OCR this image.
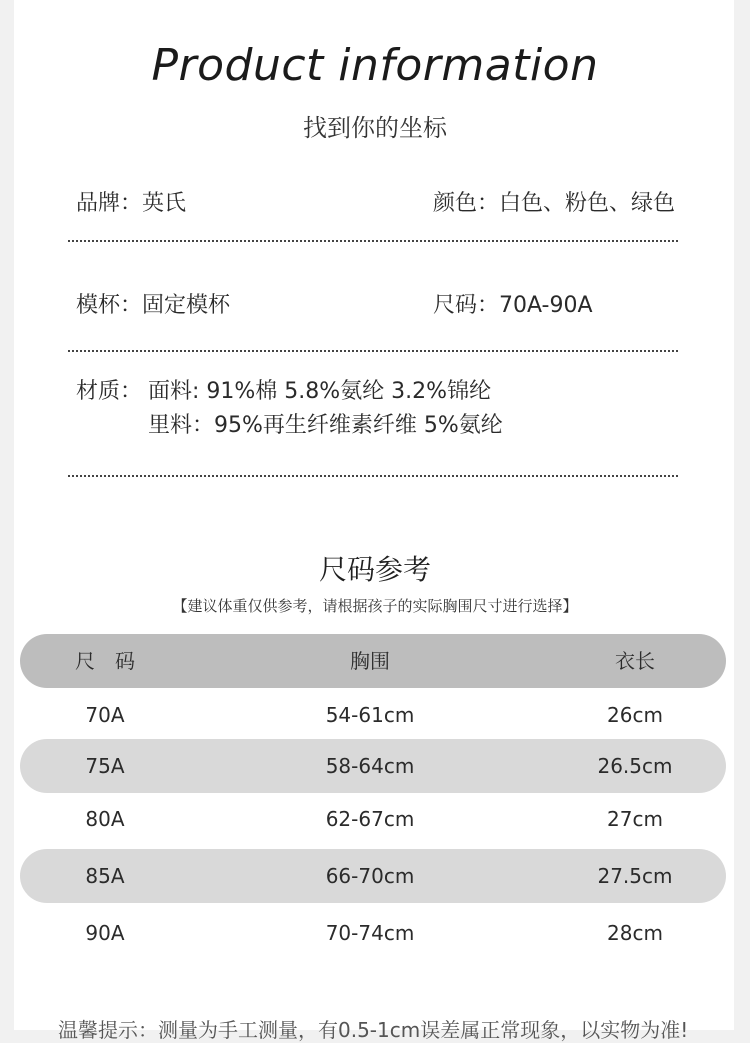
Product information
找到你的坐标
品牌：英氏	颜色：白色、粉色、绿色
模杯：固定模杯	尺码：70A-90A
材质： 面料: 91%棉 5.8%氨纶 3.2%锦纶
里料：95%再生纤维素纤维 5%氨纶
尺码参考
【建议体重仅供参考，请根据孩子的实际胸围尺寸进行选择】
尺　码	胸围	衣长
70A	54-61cm	26cm
75A	58-64cm	26.5cm
80A	62-67cm	27cm
85A	66-70cm	27.5cm
90A	70-74cm	28cm
温馨提示：测量为手工测量，有0.5-1cm误差属正常现象，以实物为准!
